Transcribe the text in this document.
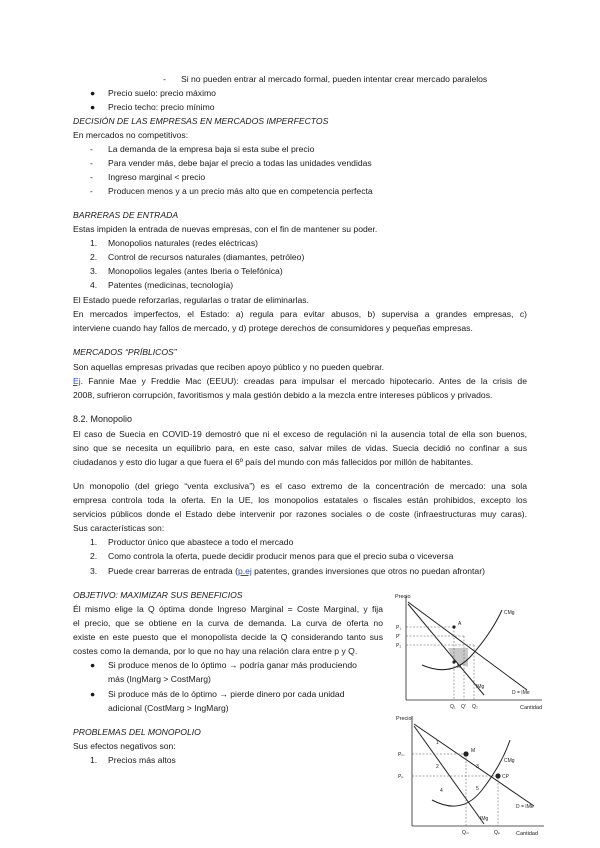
- Si no pueden entrar al mercado formal, pueden intentar crear mercado paralelos
● Precio suelo: precio máximo
● Precio techo: precio mínimo
DECISIÓN DE LAS EMPRESAS EN MERCADOS IMPERFECTOS
En mercados no competitivos:
- La demanda de la empresa baja si esta sube el precio
- Para vender más, debe bajar el precio a todas las unidades vendidas
- Ingreso marginal < precio
- Producen menos y a un precio más alto que en competencia perfecta
BARRERAS DE ENTRADA
Estas impiden la entrada de nuevas empresas, con el fin de mantener su poder.
1. Monopolios naturales (redes eléctricas)
2. Control de recursos naturales (diamantes, petróleo)
3. Monopolios legales (antes Iberia o Telefónica)
4. Patentes (medicinas, tecnología)
El Estado puede reforzarlas, regularlas o tratar de eliminarlas.
En mercados imperfectos, el Estado: a) regula para evitar abusos, b) supervisa a grandes empresas, c)
interviene cuando hay fallos de mercado, y d) protege derechos de consumidores y pequeñas empresas.
MERCADOS “PRÍBLICOS”
Son aquellas empresas privadas que reciben apoyo público y no pueden quebrar.
Ej. Fannie Mae y Freddie Mac (EEUU): creadas para impulsar el mercado hipotecario. Antes de la crisis de
2008, sufrieron corrupción, favoritismos y mala gestión debido a la mezcla entre intereses públicos y privados.
8.2. Monopolio
El caso de Suecia en COVID-19 demostró que ni el exceso de regulación ni la ausencia total de ella son buenos,
sino que se necesita un equilibrio para, en este caso, salvar miles de vidas. Suecia decidió no confinar a sus
ciudadanos y esto dio lugar a que fuera el 6º país del mundo con más fallecidos por millón de habitantes.
Un monopolio (del griego “venta exclusiva”) es el caso extremo de la concentración de mercado: una sola
empresa controla toda la oferta. En la UE, los monopolios estatales o fiscales están prohibidos, excepto los
servicios públicos donde el Estado debe intervenir por razones sociales o de coste (infraestructuras muy caras).
Sus características son:
1. Productor único que abastece a todo el mercado
2. Como controla la oferta, puede decidir producir menos para que el precio suba o viceversa
3. Puede crear barreras de entrada (p.ej patentes, grandes inversiones que otros no puedan afrontar)
OBJETIVO: MAXIMIZAR SUS BENEFICIOS
Él mismo elige la Q óptima donde Ingreso Marginal = Coste Marginal, y fija
el precio, que se obtiene en la curva de demanda. La curva de oferta no
existe en este puesto que el monopolista decide la Q considerando tanto sus
costes como la demanda, por lo que no hay una relación clara entre p y Q.
● Si produce menos de lo óptimo → podría ganar más produciendo
más (IngMarg > CostMarg)
● Si produce más de lo óptimo → pierde dinero por cada unidad
adicional (CostMarg > IngMarg)
PROBLEMAS DEL MONOPOLIO
Sus efectos negativos son:
1. Precios más altos
Precio
Cantidad
P₁
P'
P₂
Q₁ Q' Q₂
A
M
CMg
D = IMe
IMg
Precio
Cantidad
Pₘ
Pₚ
Qₘ	Qₚ
M
CP
CMg
D = IMe
IMg
1
2	3
4	5
